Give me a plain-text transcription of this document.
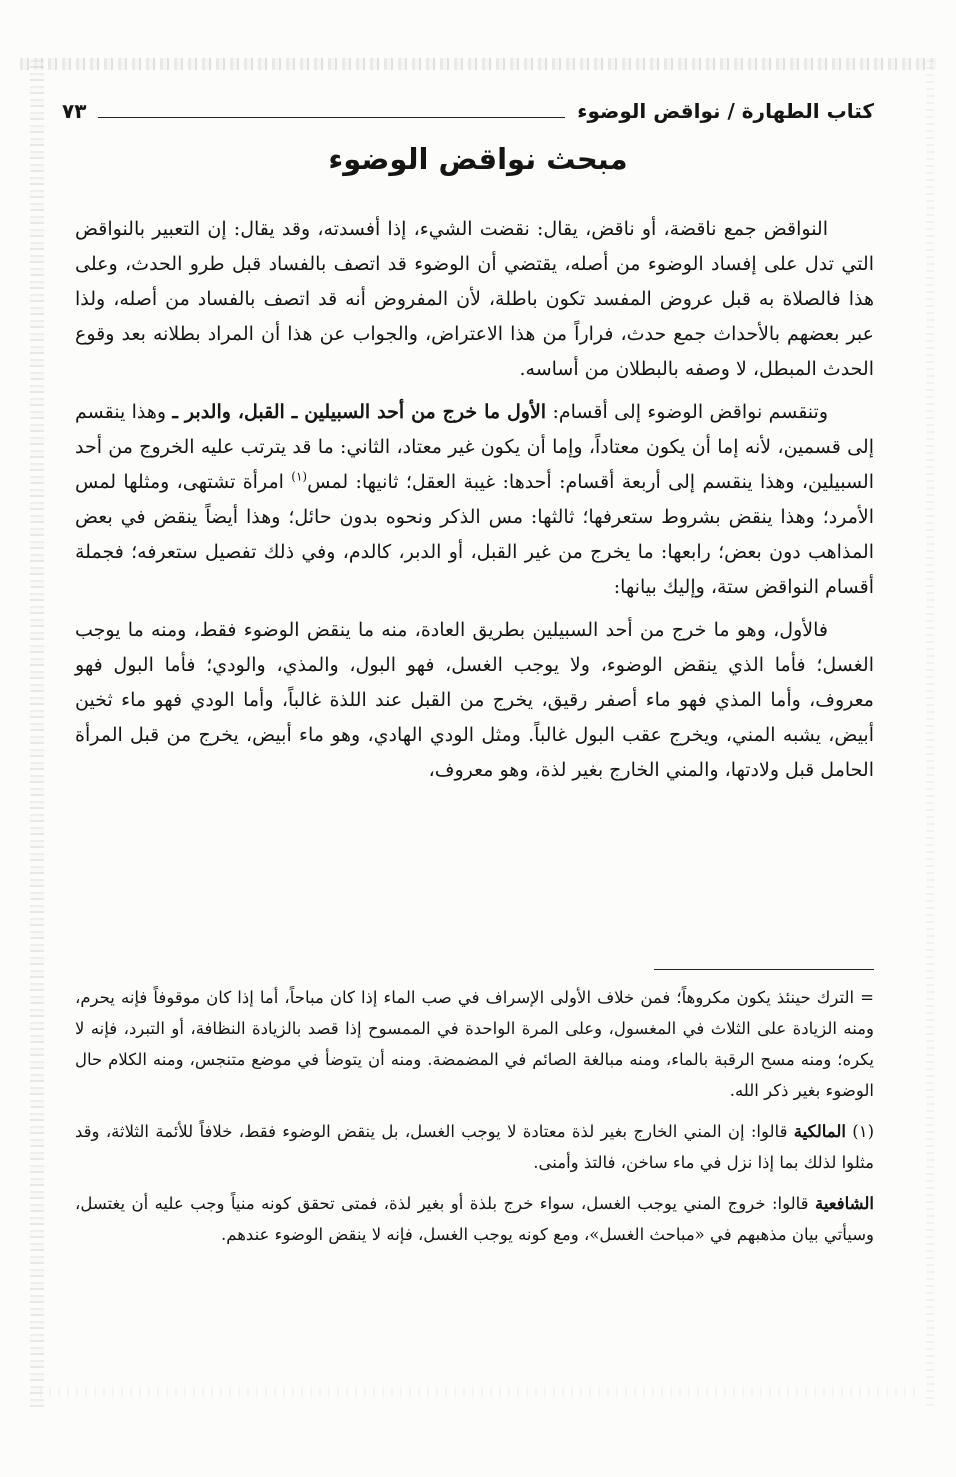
كتاب الطهارة / نواقض الوضوء
٧٣
مبحث نواقض الوضوء

النواقض جمع ناقضة، أو ناقض، يقال: نقضت الشيء، إذا أفسدته، وقد يقال: إن التعبير بالنواقض التي تدل على إفساد الوضوء من أصله، يقتضي أن الوضوء قد اتصف بالفساد قبل طرو الحدث، وعلى هذا فالصلاة به قبل عروض المفسد تكون باطلة، لأن المفروض أنه قد اتصف بالفساد من أصله، ولذا عبر بعضهم بالأحداث جمع حدث، فراراً من هذا الاعتراض، والجواب عن هذا أن المراد بطلانه بعد وقوع الحدث المبطل، لا وصفه بالبطلان من أساسه.

وتنقسم نواقض الوضوء إلى أقسام: الأول ما خرج من أحد السبيلين ـ القبل، والدبر ـ وهذا ينقسم إلى قسمين، لأنه إما أن يكون معتاداً، وإما أن يكون غير معتاد، الثاني: ما قد يترتب عليه الخروج من أحد السبيلين، وهذا ينقسم إلى أربعة أقسام: أحدها: غيبة العقل؛ ثانيها: لمس$^{(١)}$ امرأة تشتهى، ومثلها لمس الأمرد؛ وهذا ينقض بشروط ستعرفها؛ ثالثها: مس الذكر ونحوه بدون حائل؛ وهذا أيضاً ينقض في بعض المذاهب دون بعض؛ رابعها: ما يخرج من غير القبل، أو الدبر، كالدم، وفي ذلك تفصيل ستعرفه؛ فجملة أقسام النواقض ستة، وإليك بيانها:

فالأول، وهو ما خرج من أحد السبيلين بطريق العادة، منه ما ينقض الوضوء فقط، ومنه ما يوجب الغسل؛ فأما الذي ينقض الوضوء، ولا يوجب الغسل، فهو البول، والمذي، والودي؛ فأما البول فهو معروف، وأما المذي فهو ماء أصفر رقيق، يخرج من القبل عند اللذة غالباً، وأما الودي فهو ماء ثخين أبيض، يشبه المني، ويخرج عقب البول غالباً. ومثل الودي الهادي، وهو ماء أبيض، يخرج من قبل المرأة الحامل قبل ولادتها، والمني الخارج بغير لذة، وهو معروف،

= الترك حينئذ يكون مكروهاً؛ فمن خلاف الأولى الإسراف في صب الماء إذا كان مباحاً، أما إذا كان موقوفاً فإنه يحرم، ومنه الزيادة على الثلاث في المغسول، وعلى المرة الواحدة في الممسوح إذا قصد بالزيادة النظافة، أو التبرد، فإنه لا يكره؛ ومنه مسح الرقبة بالماء، ومنه مبالغة الصائم في المضمضة. ومنه أن يتوضأ في موضع متنجس، ومنه الكلام حال الوضوء بغير ذكر الله.

(١) المالكية قالوا: إن المني الخارج بغير لذة معتادة لا يوجب الغسل، بل ينقض الوضوء فقط، خلافاً للأئمة الثلاثة، وقد مثلوا لذلك بما إذا نزل في ماء ساخن، فالتذ وأمنى.

الشافعية قالوا: خروج المني يوجب الغسل، سواء خرج بلذة أو بغير لذة، فمتى تحقق كونه منياً وجب عليه أن يغتسل، وسيأتي بيان مذهبهم في «مباحث الغسل»، ومع كونه يوجب الغسل، فإنه لا ينقض الوضوء عندهم.
